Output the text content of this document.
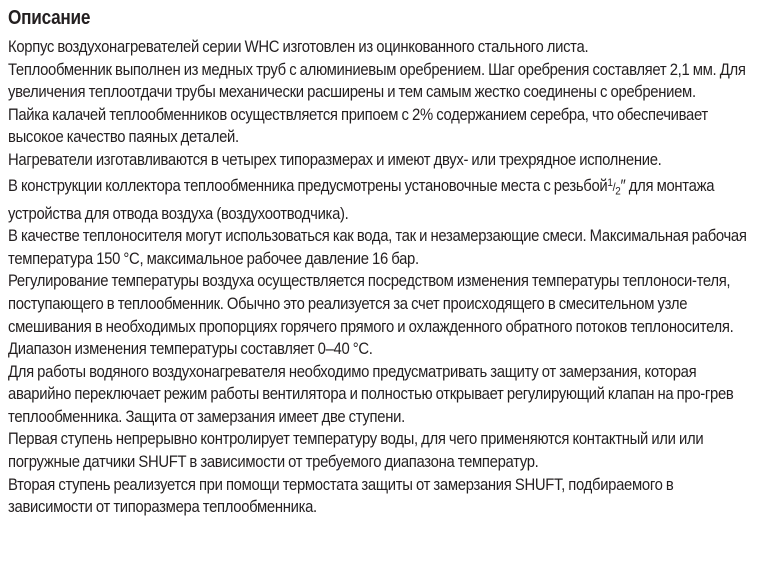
Описание

Корпус воздухонагревателей серии WHC изготовлен из оцинкованного стального листа.

Теплообменник выполнен из медных труб с алюминиевым оребрением. Шаг оребрения составляет 2,1 мм. Для увеличения теплоотдачи трубы механически расширены и тем самым жестко соединены с оребрением.

Пайка калачей теплообменников осуществляется припоем с 2% содержанием серебра, что обеспечивает высокое качество паяных деталей.

Нагреватели изготавливаются в четырех типоразмерах и имеют двух- или трехрядное исполнение.

В конструкции коллектора теплообменника предусмотрены установочные места с резьбой1/2″ для монтажа устройства для отвода воздуха (воздухоотводчика).

В качестве теплоносителя могут использоваться как вода, так и незамерзающие смеси. Максимальная рабочая температура 150 °С, максимальное рабочее давление 16 бар.

Регулирование температуры воздуха осуществляется посредством изменения температуры теплоноси-теля, поступающего в теплообменник. Обычно это реализуется за счет происходящего в смесительном узле смешивания в необходимых пропорциях горячего прямого и охлажденного обратного потоков теплоносителя.

Диапазон изменения температуры составляет 0–40 °С.

Для работы водяного воздухонагревателя необходимо предусматривать защиту от замерзания, которая аварийно переключает режим работы вентилятора и полностью открывает регулирующий клапан на про-грев теплообменника. Защита от замерзания имеет две ступени.

Первая ступень непрерывно контролирует температуру воды, для чего применяются контактный или или погружные датчики SHUFT в зависимости от требуемого диапазона температур.

Вторая ступень реализуется при помощи термостата защиты от замерзания SHUFT, подбираемого в зависимости от типоразмера теплообменника.
